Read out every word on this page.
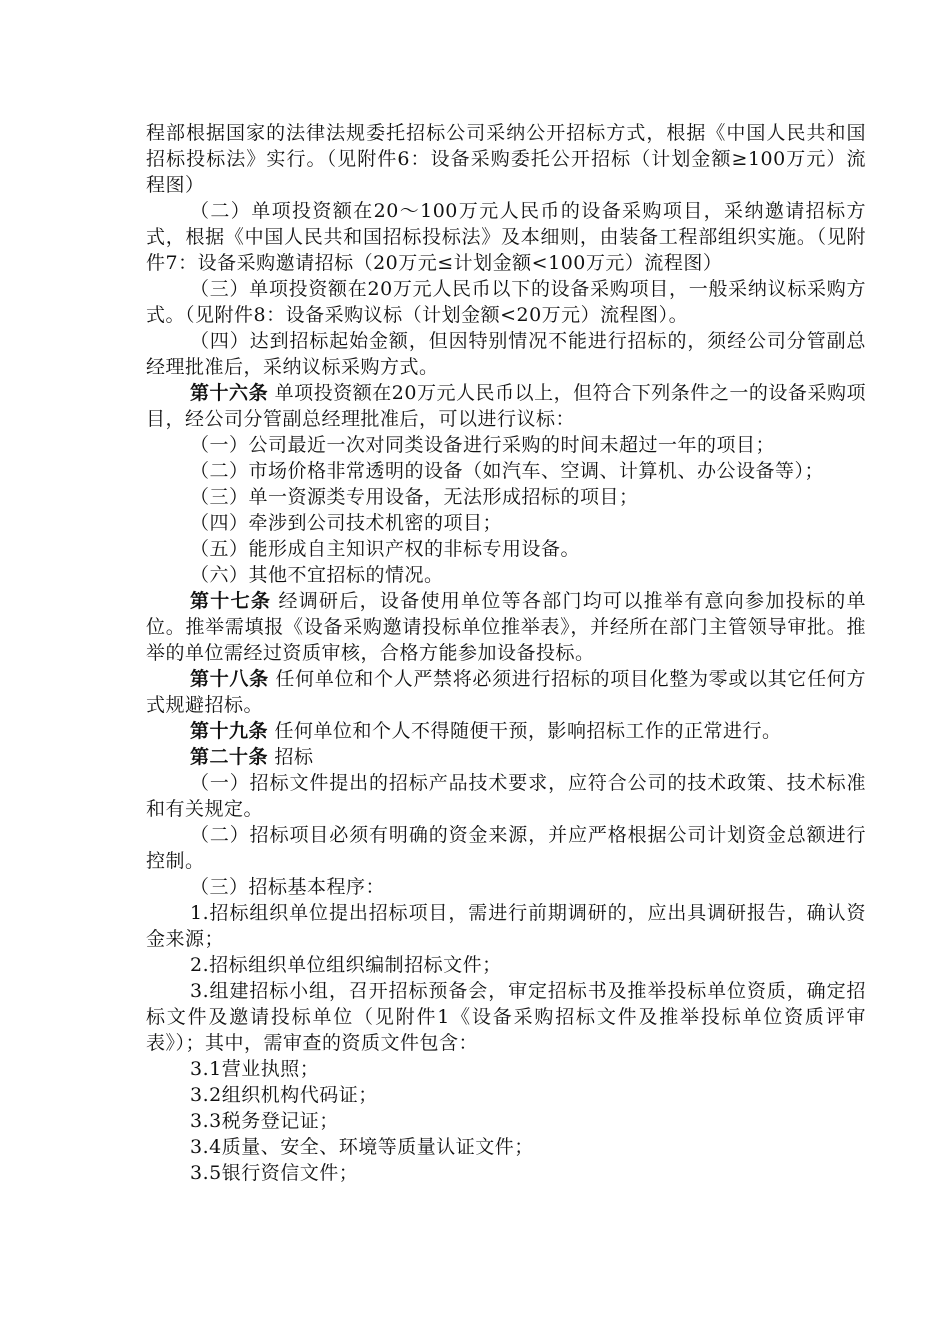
程部根据国家的法律法规委托招标公司采纳公开招标方式，根据《中国人民共和国招标投标法》实行。（见附件6：设备采购委托公开招标（计划金额≥100万元）流程图）

（二）单项投资额在20～100万元人民币的设备采购项目，采纳邀请招标方式，根据《中国人民共和国招标投标法》及本细则，由装备工程部组织实施。（见附件7：设备采购邀请招标（20万元≤计划金额<100万元）流程图）

（三）单项投资额在20万元人民币以下的设备采购项目，一般采纳议标采购方式。（见附件8：设备采购议标（计划金额<20万元）流程图）。

（四）达到招标起始金额，但因特别情况不能进行招标的，须经公司分管副总经理批准后，采纳议标采购方式。

第十六条 单项投资额在20万元人民币以上，但符合下列条件之一的设备采购项目，经公司分管副总经理批准后，可以进行议标：

（一）公司最近一次对同类设备进行采购的时间未超过一年的项目；

（二）市场价格非常透明的设备（如汽车、空调、计算机、办公设备等）；

（三）单一资源类专用设备，无法形成招标的项目；

（四）牵涉到公司技术机密的项目；

（五）能形成自主知识产权的非标专用设备。

（六）其他不宜招标的情况。

第十七条 经调研后，设备使用单位等各部门均可以推举有意向参加投标的单位。推举需填报《设备采购邀请投标单位推举表》，并经所在部门主管领导审批。推举的单位需经过资质审核，合格方能参加设备投标。

第十八条 任何单位和个人严禁将必须进行招标的项目化整为零或以其它任何方式规避招标。

第十九条 任何单位和个人不得随便干预，影响招标工作的正常进行。

第二十条 招标

（一）招标文件提出的招标产品技术要求，应符合公司的技术政策、技术标准和有关规定。

（二）招标项目必须有明确的资金来源，并应严格根据公司计划资金总额进行控制。

（三）招标基本程序：

1.招标组织单位提出招标项目，需进行前期调研的，应出具调研报告，确认资金来源；

2.招标组织单位组织编制招标文件；

3.组建招标小组，召开招标预备会，审定招标书及推举投标单位资质，确定招标文件及邀请投标单位（见附件1《设备采购招标文件及推举投标单位资质评审表》）；其中，需审查的资质文件包含：

3.1营业执照；

3.2组织机构代码证；

3.3税务登记证；

3.4质量、安全、环境等质量认证文件；

3.5银行资信文件；
